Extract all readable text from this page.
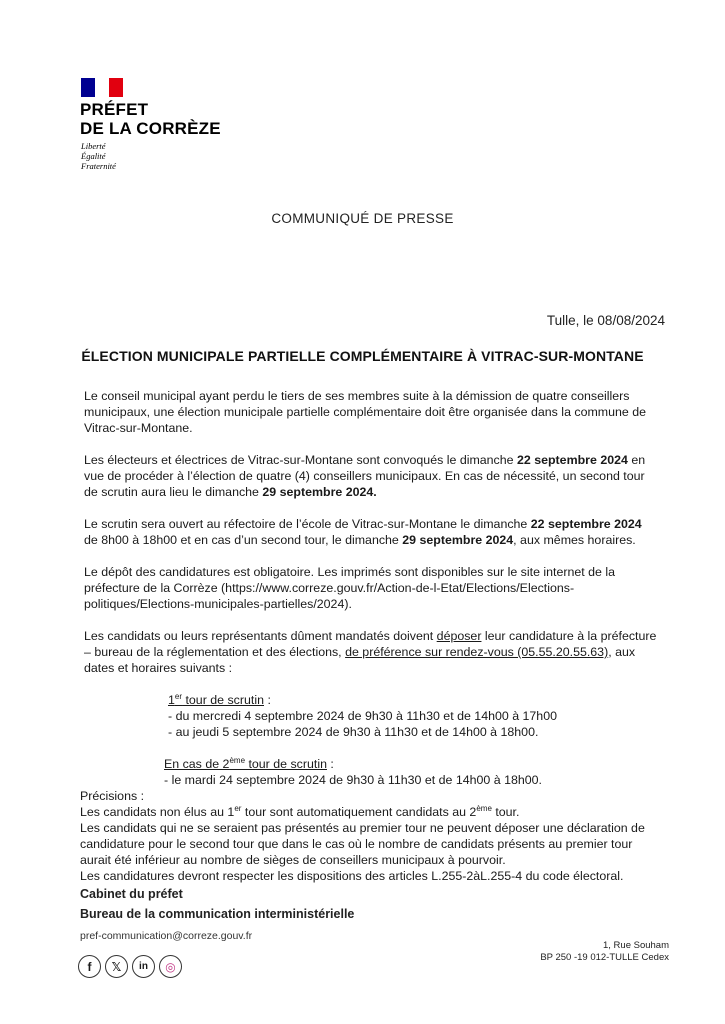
PRÉFET
DE LA CORRÈZE
Liberté
Égalité
Fraternité
COMMUNIQUÉ DE PRESSE
Tulle, le 08/08/2024
ÉLECTION MUNICIPALE PARTIELLE COMPLÉMENTAIRE À VITRAC-SUR-MONTANE

Le conseil municipal ayant perdu le tiers de ses membres suite à la démission de quatre conseillers municipaux, une élection municipale partielle complémentaire doit être organisée dans la commune de Vitrac-sur-Montane.

Les électeurs et électrices de Vitrac-sur-Montane sont convoqués le dimanche 22 septembre 2024 en vue de procéder à l’élection de quatre (4) conseillers municipaux. En cas de nécessité, un second tour de scrutin aura lieu le dimanche 29 septembre 2024.

Le scrutin sera ouvert au réfectoire de l’école de Vitrac-sur-Montane le dimanche 22 septembre 2024 de 8h00 à 18h00 et en cas d’un second tour, le dimanche 29 septembre 2024, aux mêmes horaires.

Le dépôt des candidatures est obligatoire. Les imprimés sont disponibles sur le site internet de la préfecture de la Corrèze (https://www.correze.gouv.fr/Action-de-l-Etat/Elections/Elections-politiques/Elections-municipales-partielles/2024).

Les candidats ou leurs représentants dûment mandatés doivent déposer leur candidature à la préfecture – bureau de la réglementation et des élections, de préférence sur rendez-vous (05.55.20.55.63), aux dates et horaires suivants :

1er tour de scrutin :
- du mercredi 4 septembre 2024 de 9h30 à 11h30 et de 14h00 à 17h00
- au jeudi 5 septembre 2024 de 9h30 à 11h30 et de 14h00 à 18h00.
En cas de 2ème tour de scrutin :
- le mardi 24 septembre 2024 de 9h30 à 11h30 et de 14h00 à 18h00.
Précisions :
Les candidats non élus au 1er tour sont automatiquement candidats au 2ème tour.
Les candidats qui ne se seraient pas présentés au premier tour ne peuvent déposer une déclaration de candidature pour le second tour que dans le cas où le nombre de candidats présents au premier tour aurait été inférieur au nombre de sièges de conseillers municipaux à pourvoir.
Les candidatures devront respecter les dispositions des articles L.255-2àL.255-4 du code électoral.
Cabinet du préfet
Bureau de la communication interministérielle
pref-communication@correze.gouv.fr
1, Rue Souham
BP 250 -19 012-TULLE Cedex
f	𝕏	in	◎
